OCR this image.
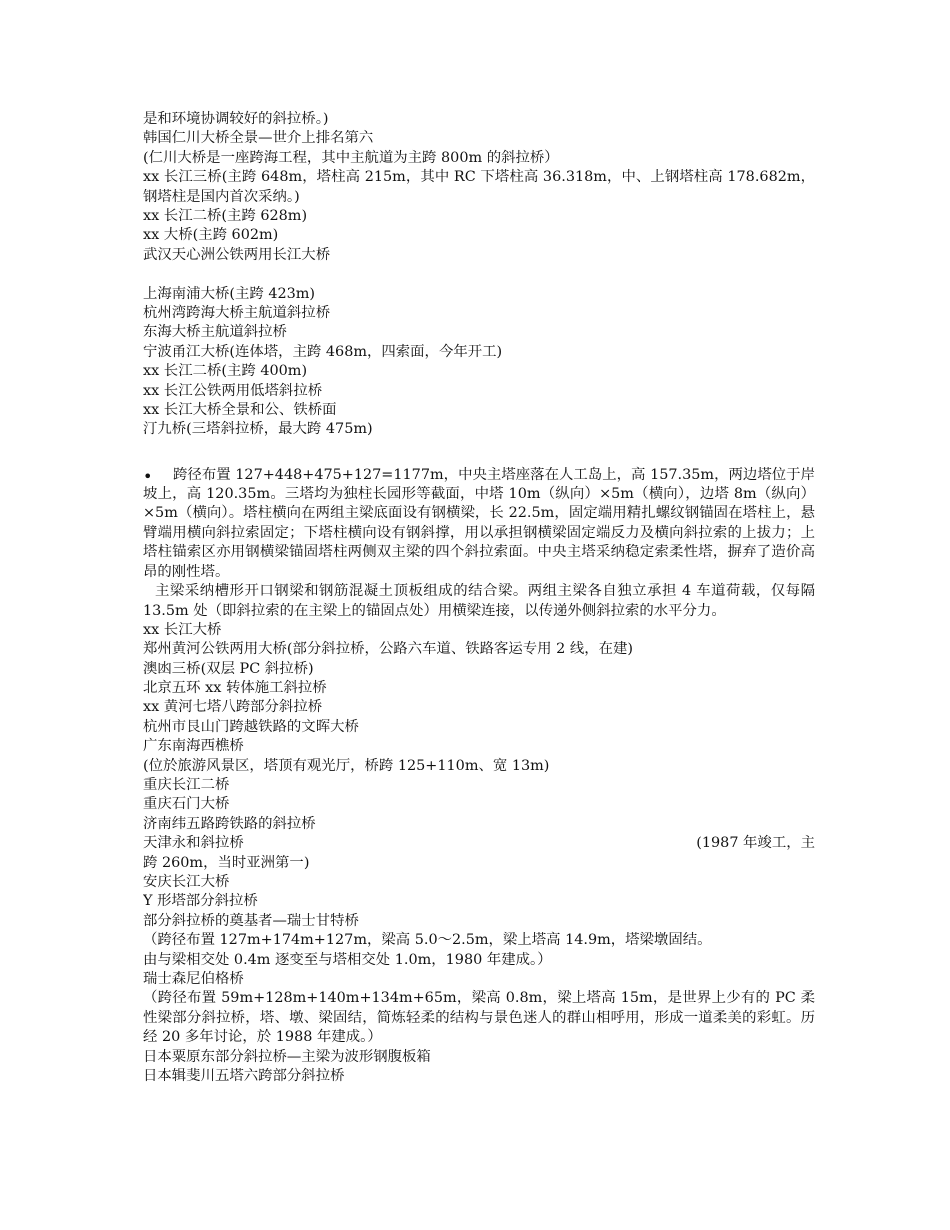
是和环境协调较好的斜拉桥。)
韩国仁川大桥全景—世介上排名第六
(仁川大桥是一座跨海工程，其中主航道为主跨 800m 的斜拉桥）
xx 长江三桥(主跨 648m，塔柱高 215m，其中 RC 下塔柱高 36.318m，中、上钢塔柱高 178.682m，钢塔柱是国内首次采纳。)
xx 长江二桥(主跨 628m)
xx 大桥(主跨 602m)
武汉天心洲公铁两用长江大桥
上海南浦大桥(主跨 423m)
杭州湾跨海大桥主航道斜拉桥
东海大桥主航道斜拉桥
宁波甬江大桥(连体塔，主跨 468m，四索面，今年开工)
xx 长江二桥(主跨 400m)
xx 长江公铁两用低塔斜拉桥
xx 长江大桥全景和公、铁桥面
汀九桥(三塔斜拉桥，最大跨 475m)
• 跨径布置 127+448+475+127=1177m，中央主塔座落在人工岛上，高 157.35m，两边塔位于岸坡上，高 120.35m。三塔均为独柱长园形等截面，中塔 10m（纵向）×5m（横向），边塔 8m（纵向）×5m（横向）。塔柱横向在两组主梁底面设有钢横梁，长 22.5m，固定端用精扎螺纹钢锚固在塔柱上，悬臂端用横向斜拉索固定；下塔柱横向设有钢斜撑，用以承担钢横梁固定端反力及横向斜拉索的上拔力；上塔柱锚索区亦用钢横梁锚固塔柱两侧双主梁的四个斜拉索面。中央主塔采纳稳定索柔性塔，摒弃了造价高昂的刚性塔。
主梁采纳槽形开口钢梁和钢筋混凝土顶板组成的结合梁。两组主梁各自独立承担 4 车道荷载，仅每隔 13.5m 处（即斜拉索的在主梁上的锚固点处）用横梁连接，以传递外侧斜拉索的水平分力。
xx 长江大桥
郑州黄河公铁两用大桥(部分斜拉桥，公路六车道、铁路客运专用 2 线，在建)
澳凼三桥(双层 PC 斜拉桥)
北京五环 xx 转体施工斜拉桥
xx 黄河七塔八跨部分斜拉桥
杭州市艮山门跨越铁路的文晖大桥
广东南海西樵桥
(位於旅游风景区，塔顶有观光厅，桥跨 125+110m、宽 13m)
重庆长江二桥
重庆石门大桥
济南纬五路跨铁路的斜拉桥
天津永和斜拉桥	(1987 年竣工，主
跨 260m，当时亚洲第一)
安庆长江大桥
Y 形塔部分斜拉桥
部分斜拉桥的奠基者—瑞士甘特桥
（跨径布置 127m+174m+127m，梁高 5.0～2.5m，梁上塔高 14.9m，塔梁墩固结。
由与梁相交处 0.4m 逐变至与塔相交处 1.0m，1980 年建成。）
瑞士森尼伯格桥
（跨径布置 59m+128m+140m+134m+65m，梁高 0.8m，梁上塔高 15m，是世界上少有的 PC 柔性梁部分斜拉桥，塔、墩、梁固结，简炼轻柔的结构与景色迷人的群山相呼用，形成一道柔美的彩虹。历经 20 多年讨论，於 1988 年建成。）
日本粟原东部分斜拉桥—主梁为波形钢腹板箱
日本辑斐川五塔六跨部分斜拉桥
